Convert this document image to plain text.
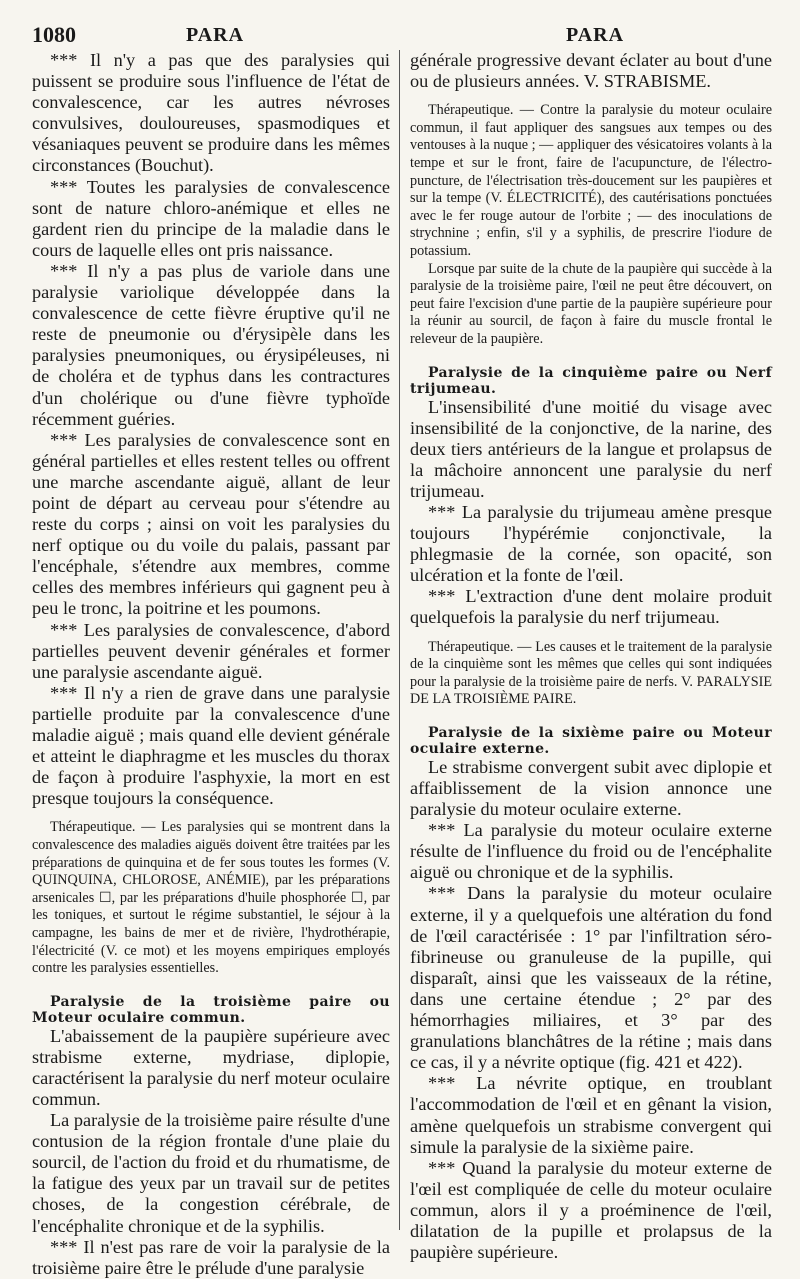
1080	PARA	PARA

*** Il n'y a pas que des paralysies qui puissent se produire sous l'influence de l'état de convalescence, car les autres névroses convulsives, douloureuses, spasmodiques et vésaniaques peuvent se produire dans les mêmes circonstances (Bouchut).

*** Toutes les paralysies de convalescence sont de nature chloro-anémique et elles ne gardent rien du principe de la maladie dans le cours de laquelle elles ont pris naissance.

*** Il n'y a pas plus de variole dans une paralysie variolique développée dans la convalescence de cette fièvre éruptive qu'il ne reste de pneumonie ou d'érysipèle dans les paralysies pneumoniques, ou érysipéleuses, ni de choléra et de typhus dans les contractures d'un cholérique ou d'une fièvre typhoïde récemment guéries.

*** Les paralysies de convalescence sont en général partielles et elles restent telles ou offrent une marche ascendante aiguë, allant de leur point de départ au cerveau pour s'étendre au reste du corps ; ainsi on voit les paralysies du nerf optique ou du voile du palais, passant par l'encéphale, s'étendre aux membres, comme celles des membres inférieurs qui gagnent peu à peu le tronc, la poitrine et les poumons.

*** Les paralysies de convalescence, d'abord partielles peuvent devenir générales et former une paralysie ascendante aiguë.

*** Il n'y a rien de grave dans une paralysie partielle produite par la convalescence d'une maladie aiguë ; mais quand elle devient générale et atteint le diaphragme et les muscles du thorax de façon à produire l'asphyxie, la mort en est presque toujours la conséquence.

Thérapeutique. — Les paralysies qui se montrent dans la convalescence des maladies aiguës doivent être traitées par les préparations de quinquina et de fer sous toutes les formes (V. QUINQUINA, CHLOROSE, ANÉMIE), par les préparations arsenicales ☐, par les préparations d'huile phosphorée ☐, par les toniques, et surtout le régime substantiel, le séjour à la campagne, les bains de mer et de rivière, l'hydrothérapie, l'électricité (V. ce mot) et les moyens empiriques employés contre les paralysies essentielles.

Paralysie de la troisième paire ou Moteur oculaire commun.

L'abaissement de la paupière supérieure avec strabisme externe, mydriase, diplopie, caractérisent la paralysie du nerf moteur oculaire commun.

La paralysie de la troisième paire résulte d'une contusion de la région frontale d'une plaie du sourcil, de l'action du froid et du rhumatisme, de la fatigue des yeux par un travail sur de petites choses, de la congestion cérébrale, de l'encéphalite chronique et de la syphilis.

*** Il n'est pas rare de voir la paralysie de la troisième paire être le prélude d'une paralysie

générale progressive devant éclater au bout d'une ou de plusieurs années. V. STRABISME.

Thérapeutique. — Contre la paralysie du moteur oculaire commun, il faut appliquer des sangsues aux tempes ou des ventouses à la nuque ; — appliquer des vésicatoires volants à la tempe et sur le front, faire de l'acupuncture, de l'électro-puncture, de l'électrisation très-doucement sur les paupières et sur la tempe (V. ÉLECTRICITÉ), des cautérisations ponctuées avec le fer rouge autour de l'orbite ; — des inoculations de strychnine ; enfin, s'il y a syphilis, de prescrire l'iodure de potassium.

Lorsque par suite de la chute de la paupière qui succède à la paralysie de la troisième paire, l'œil ne peut être découvert, on peut faire l'excision d'une partie de la paupière supérieure pour la réunir au sourcil, de façon à faire du muscle frontal le releveur de la paupière.

Paralysie de la cinquième paire ou Nerf trijumeau.

L'insensibilité d'une moitié du visage avec insensibilité de la conjonctive, de la narine, des deux tiers antérieurs de la langue et prolapsus de la mâchoire annoncent une paralysie du nerf trijumeau.

*** La paralysie du trijumeau amène presque toujours l'hypérémie conjonctivale, la phlegmasie de la cornée, son opacité, son ulcération et la fonte de l'œil.

*** L'extraction d'une dent molaire produit quelquefois la paralysie du nerf trijumeau.

Thérapeutique. — Les causes et le traitement de la paralysie de la cinquième sont les mêmes que celles qui sont indiquées pour la paralysie de la troisième paire de nerfs. V. PARALYSIE DE LA TROISIÈME PAIRE.

Paralysie de la sixième paire ou Moteur oculaire externe.

Le strabisme convergent subit avec diplopie et affaiblissement de la vision annonce une paralysie du moteur oculaire externe.

*** La paralysie du moteur oculaire externe résulte de l'influence du froid ou de l'encéphalite aiguë ou chronique et de la syphilis.

*** Dans la paralysie du moteur oculaire externe, il y a quelquefois une altération du fond de l'œil caractérisée : 1° par l'infiltration séro-fibrineuse ou granuleuse de la pupille, qui disparaît, ainsi que les vaisseaux de la rétine, dans une certaine étendue ; 2° par des hémorrhagies miliaires, et 3° par des granulations blanchâtres de la rétine ; mais dans ce cas, il y a névrite optique (fig. 421 et 422).

*** La névrite optique, en troublant l'accommodation de l'œil et en gênant la vision, amène quelquefois un strabisme convergent qui simule la paralysie de la sixième paire.

*** Quand la paralysie du moteur externe de l'œil est compliquée de celle du moteur oculaire commun, alors il y a proéminence de l'œil, dilatation de la pupille et prolapsus de la paupière supérieure.
